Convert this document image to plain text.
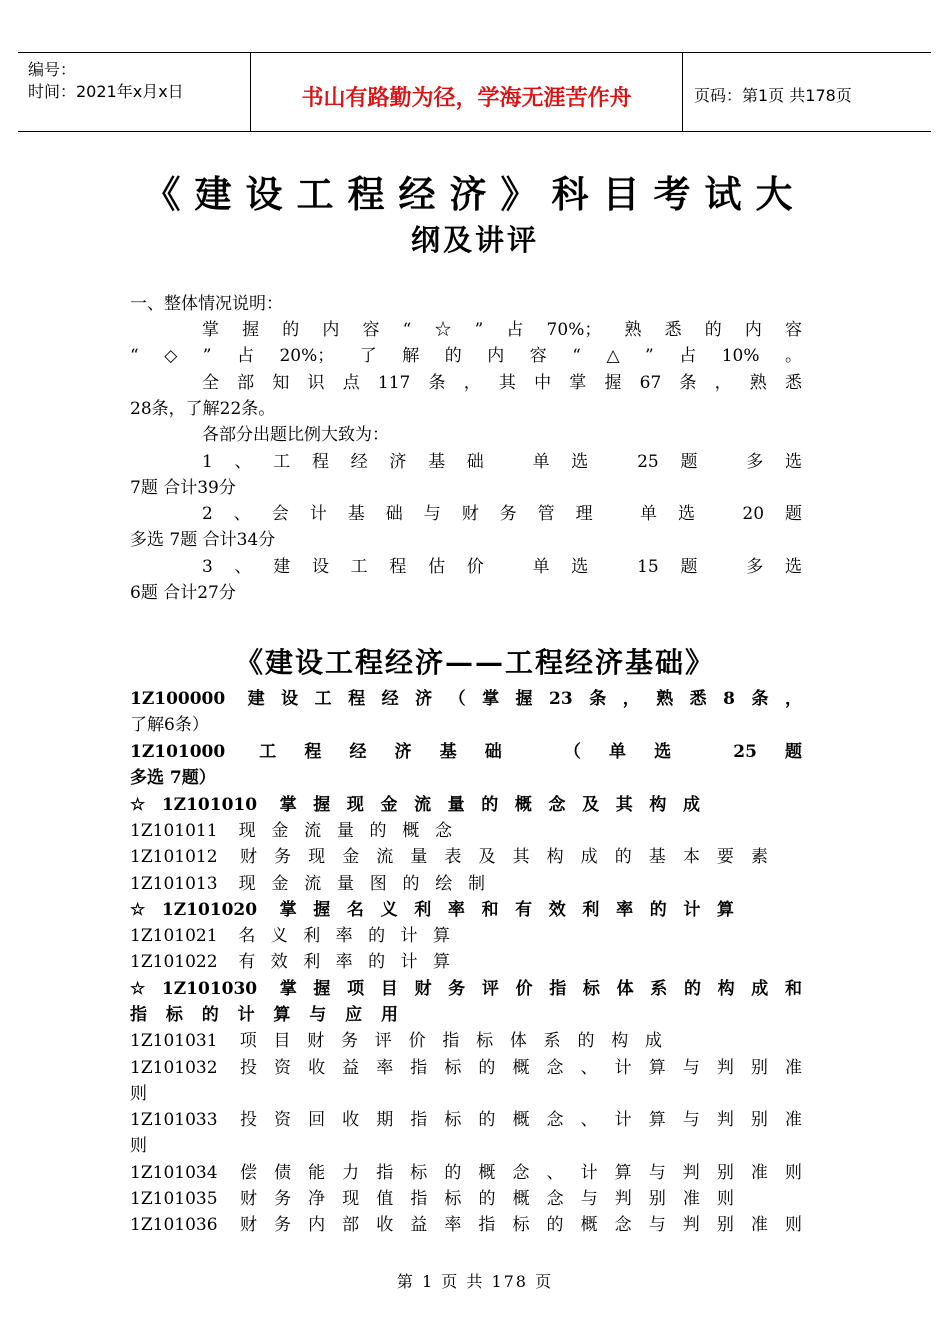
编号：
时间：2021年x月x日	书山有路勤为径，学海无涯苦作舟	页码：第1页 共178页
《建设工程经济》科目考试大
纲及讲评
一、整体情况说明：
掌握的内容“☆”占70%；熟悉的内容
“◇”占20%；了解的内容“△”占10%。
全部知识点117条，其中掌握67条，熟悉
28条，了解22条。
各部分出题比例大致为：
1、工程经济基础 单选 25题 多选
7题 合计39分
2、会计基础与财务管理 单选 20题
多选 7题 合计34分
3、建设工程估价 单选 15题 多选
6题 合计27分
《建设工程经济——工程经济基础》
1Z100000 建设工程经济（掌握23条，熟悉8条，
了解6条）
1Z101000 工程经济基础 （单选 25题
多选 7题）
☆1Z101010 掌握现金流量的概念及其构成
1Z101011 现金流量的概念
1Z101012 财务现金流量表及其构成的基本要素
1Z101013 现金流量图的绘制
☆1Z101020 掌握名义利率和有效利率的计算
1Z101021 名义利率的计算
1Z101022 有效利率的计算
☆1Z101030 掌握项目财务评价指标体系的构成和
指标的计算与应用
1Z101031 项目财务评价指标体系的构成
1Z101032 投资收益率指标的概念、计算与判别准
则
1Z101033 投资回收期指标的概念、计算与判别准
则
1Z101034 偿债能力指标的概念、计算与判别准则
1Z101035 财务净现值指标的概念与判别准则
1Z101036 财务内部收益率指标的概念与判别准则
第 1 页 共 178 页
